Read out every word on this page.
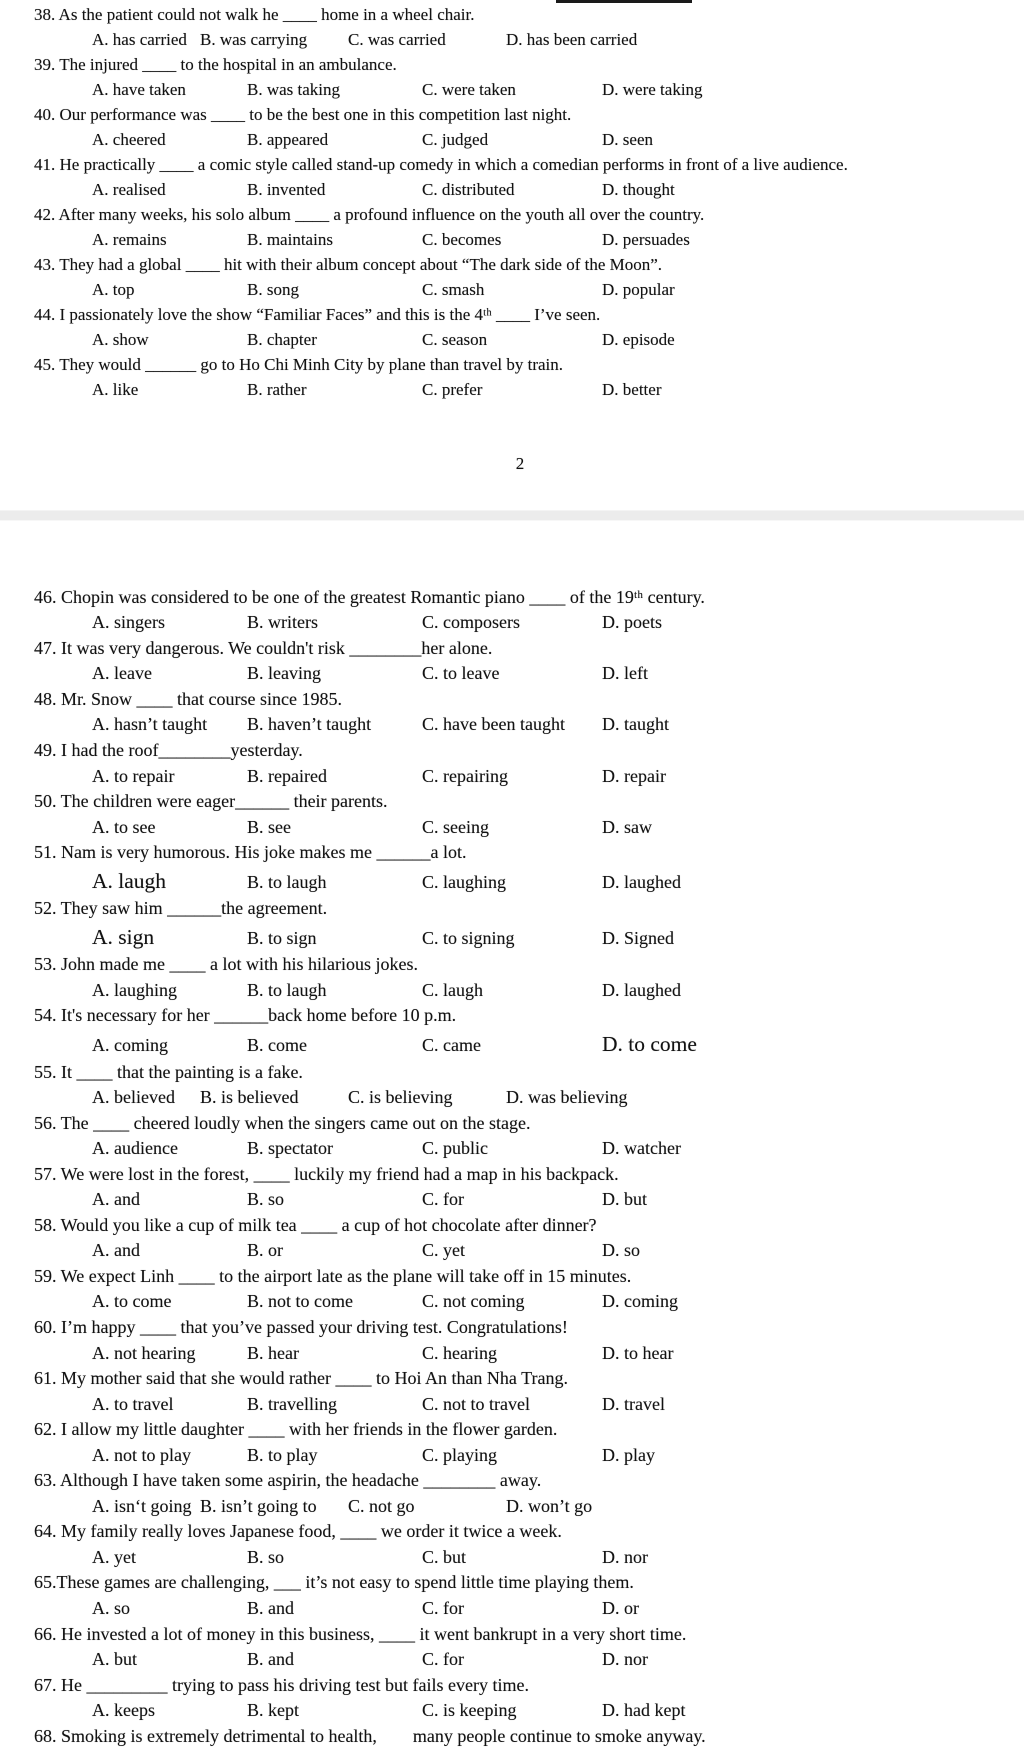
38. As the patient could not walk he ____ home in a wheel chair.
A. has carried B. was carrying C. was carried	D. has been carried
39. The injured ____ to the hospital in an ambulance.
A. have taken	B. was taking	C. were taken	D. were taking
40. Our performance was ____ to be the best one in this competition last night.
A. cheered	B. appeared	C. judged	D. seen
41. He practically ____ a comic style called stand-up comedy in which a comedian performs in front of a live audience.
A. realised	B. invented	C. distributed	D. thought
42. After many weeks, his solo album ____ a profound influence on the youth all over the country.
A. remains	B. maintains	C. becomes	D. persuades
43. They had a global ____ hit with their album concept about “The dark side of the Moon”.
A. top	B. song	C. smash	D. popular
44. I passionately love the show “Familiar Faces” and this is the 4ᵗʰ ____ I’ve seen.
A. show	B. chapter	C. season	D. episode
45. They would ______ go to Ho Chi Minh City by plane than travel by train.
A. like	B. rather	C. prefer	D. better
2
46. Chopin was considered to be one of the greatest Romantic piano ____ of the 19ᵗʰ century.
A. singers	B. writers	C. composers	D. poets
47. It was very dangerous. We couldn't risk ________her alone.
A. leave	B. leaving	C. to leave	D. left
48. Mr. Snow ____ that course since 1985.
A. hasn’t taught B. haven’t taught	C. have been taught D. taught
49. I had the roof________yesterday.
A. to repair	B. repaired	C. repairing	D. repair
50. The children were eager______ their parents.
A. to see	B. see	C. seeing	D. saw
51. Nam is very humorous. His joke makes me ______a lot.
A. laugh	B. to laugh	C. laughing	D. laughed
52. They saw him ______the agreement.
A. sign	B. to sign	C. to signing	D. Signed
53. John made me ____ a lot with his hilarious jokes.
A. laughing	B. to laugh	C. laugh	D. laughed
54. It's necessary for her ______back home before 10 p.m.
A. coming	B. come	C. came	D. to come
55. It ____ that the painting is a fake.
A. believed B. is believed	C. is believing	D. was believing
56. The ____ cheered loudly when the singers came out on the stage.
A. audience	B. spectator	C. public	D. watcher
57. We were lost in the forest, ____ luckily my friend had a map in his backpack.
A. and	B. so	C. for	D. but
58. Would you like a cup of milk tea ____ a cup of hot chocolate after dinner?
A. and	B. or	C. yet	D. so
59. We expect Linh ____ to the airport late as the plane will take off in 15 minutes.
A. to come	B. not to come	C. not coming	D. coming
60. I’m happy ____ that you’ve passed your driving test. Congratulations!
A. not hearing	B. hear	C. hearing	D. to hear
61. My mother said that she would rather ____ to Hoi An than Nha Trang.
A. to travel	B. travelling	C. not to travel	D. travel
62. I allow my little daughter ____ with her friends in the flower garden.
A. not to play	B. to play	C. playing	D. play
63. Although I have taken some aspirin, the headache ________ away.
A. isn‘t going B. isn’t going to C. not go	D. won’t go
64. My family really loves Japanese food, ____ we order it twice a week.
A. yet	B. so	C. but	D. nor
65.These games are challenging, ___ it’s not easy to spend little time playing them.
A. so	B. and	C. for	D. or
66. He invested a lot of money in this business, ____ it went bankrupt in a very short time.
A. but	B. and	C. for	D. nor
67. He _________ trying to pass his driving test but fails every time.
A. keeps	B. kept	C. is keeping	D. had kept
68. Smoking is extremely detrimental to health,        many people continue to smoke anyway.
